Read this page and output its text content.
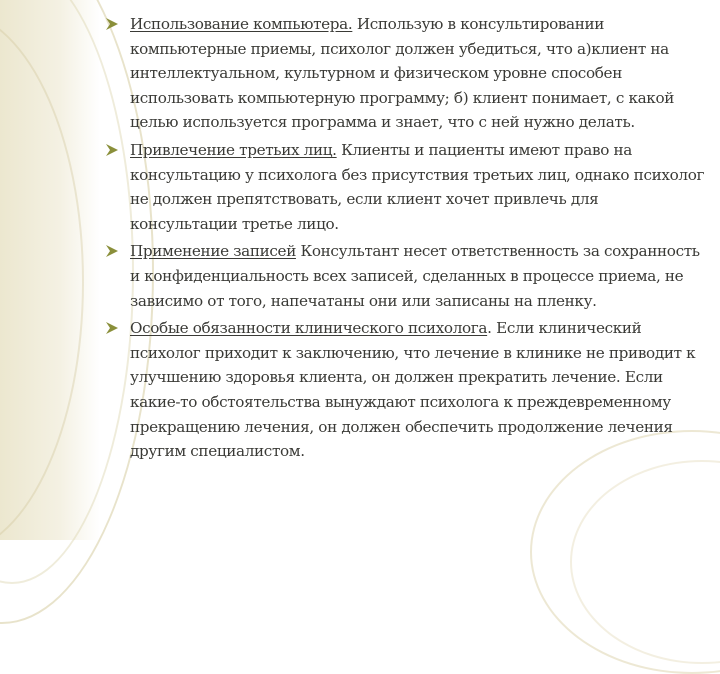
Использование компьютера. Использую в консультировании компьютерные приемы, психолог должен убедиться, что а)клиент на интеллектуальном, культурном и физическом уровне способен использовать компьютерную программу; б) клиент понимает, с какой целью используется программа и знает, что с ней нужно делать.
Привлечение третьих лиц. Клиенты и пациенты имеют право на консультацию у психолога без присутствия третьих лиц, однако психолог не должен препятствовать, если клиент хочет привлечь для консультации третье лицо.
Применение записей Консультант несет ответственность за сохранность и конфиденциальность всех записей, сделанных в процессе приема, не зависимо от того, напечатаны они или записаны на пленку.
Особые обязанности клинического психолога. Если клинический психолог приходит к заключению, что лечение в клинике не приводит к улучшению здоровья клиента, он должен прекратить лечение. Если какие-то обстоятельства вынуждают психолога к преждевременному прекращению лечения, он должен обеспечить продолжение лечения другим специалистом.
